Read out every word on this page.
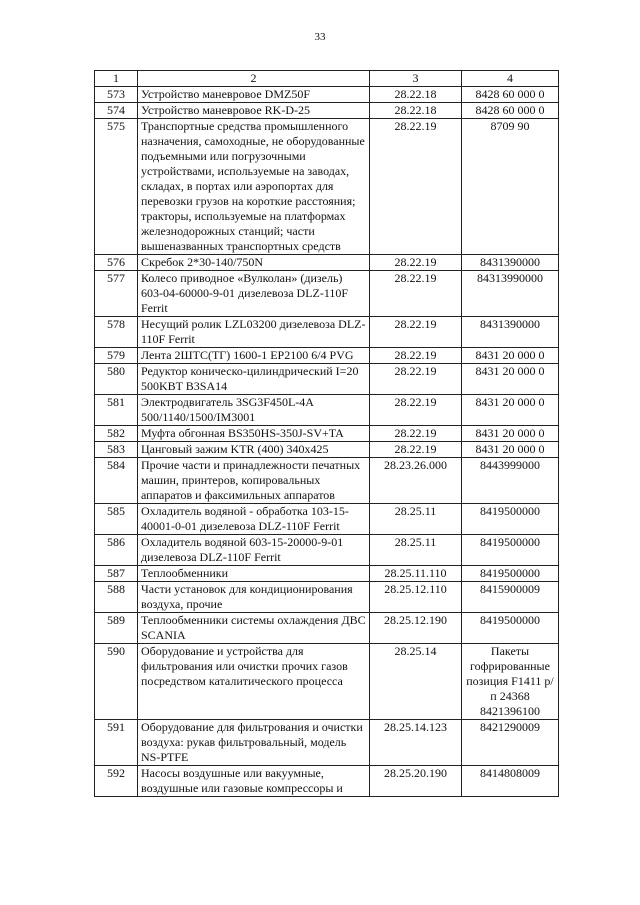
33
1	2	3	4
573	Устройство маневровое DMZ50F	28.22.18	8428 60 000 0
574	Устройство маневровое RK-D-25	28.22.18	8428 60 000 0
575	Транспортные средства промышленного назначения, самоходные, не оборудованные подъемными или погрузочными устройствами, используемые на заводах, складах, в портах или аэропортах для перевозки грузов на короткие расстояния; тракторы, используемые на платформах железнодорожных станций; части вышеназванных транспортных средств	28.22.19	8709 90
576	Скребок 2*30-140/750N	28.22.19	8431390000
577	Колесо приводное «Вулколан» (дизель) 603-04-60000-9-01 дизелевоза DLZ-110F Ferrit	28.22.19	84313990000
578	Несущий ролик LZL03200 дизелевоза DLZ-110F Ferrit	28.22.19	8431390000
579	Лента 2ШТС(ТГ) 1600-1 EP2100 6/4 PVG	28.22.19	8431 20 000 0
580	Редуктор коническо-цилиндрический I=20 500KBT B3SA14	28.22.19	8431 20 000 0
581	Электродвигатель 3SG3F450L-4A 500/1140/1500/IM3001	28.22.19	8431 20 000 0
582	Муфта обгонная BS350HS-350J-SV+TA	28.22.19	8431 20 000 0
583	Цанговый зажим KTR (400) 340x425	28.22.19	8431 20 000 0
584	Прочие части и принадлежности печатных машин, принтеров, копировальных аппаратов и факсимильных аппаратов	28.23.26.000	8443999000
585	Охладитель водяной - обработка 103-15-40001-0-01 дизелевоза DLZ-110F Ferrit	28.25.11	8419500000
586	Охладитель водяной 603-15-20000-9-01 дизелевоза DLZ-110F Ferrit	28.25.11	8419500000
587	Теплообменники	28.25.11.110	8419500000
588	Части установок для кондиционирования воздуха, прочие	28.25.12.110	8415900009
589	Теплообменники системы охлаждения ДВС SCANIA	28.25.12.190	8419500000
590	Оборудование и устройства для фильтрования или очистки прочих газов посредством каталитического процесса	28.25.14	Пакеты гофрированные позиция F1411 р/п 24368 8421396100
591	Оборудование для фильтрования и очистки воздуха: рукав фильтровальный, модель NS-PTFE	28.25.14.123	8421290009
592	Насосы воздушные или вакуумные, воздушные или газовые компрессоры и	28.25.20.190	8414808009
